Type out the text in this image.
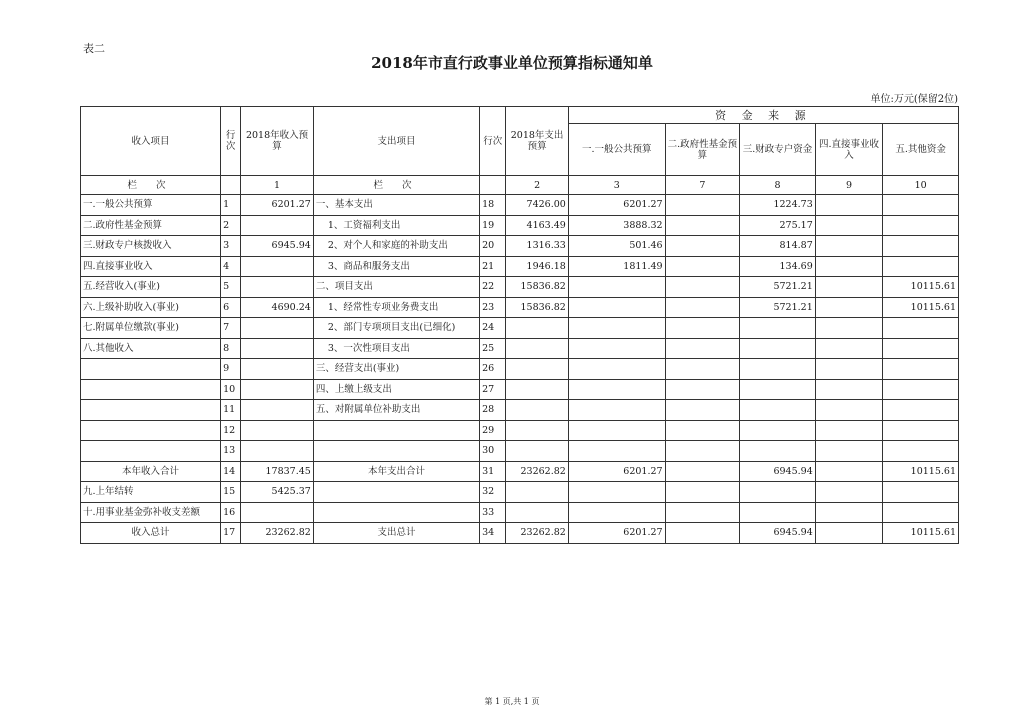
表二
2018年市直行政事业单位预算指标通知单
单位:万元(保留2位)
收入项目	行次	2018年收入预算	支出项目	行次	2018年支出预算	资 金 来 源				
						一.一般公共预算	二.政府性基金预算	三.财政专户资金	四.直接事业收入	五.其他资金
栏 次		1	栏 次		2	3	7	8	9	10
一.一般公共预算	1	6201.27	一、基本支出	18	7426.00	6201.27		1224.73		
二.政府性基金预算	2		1、工资福利支出	19	4163.49	3888.32		275.17		
三.财政专户核拨收入	3	6945.94	2、对个人和家庭的补助支出	20	1316.33	501.46		814.87		
四.直接事业收入	4		3、商品和服务支出	21	1946.18	1811.49		134.69		
五.经营收入(事业)	5		二、项目支出	22	15836.82			5721.21		10115.61
六.上级补助收入(事业)	6	4690.24	1、经常性专项业务费支出	23	15836.82			5721.21		10115.61
七.附属单位缴款(事业)	7		2、部门专项项目支出(已细化)	24						
八.其他收入	8		3、一次性项目支出	25						
	9		三、经营支出(事业)	26						
	10		四、上缴上级支出	27						
	11		五、对附属单位补助支出	28						
	12			29						
	13			30						
本年收入合计	14	17837.45	本年支出合计	31	23262.82	6201.27		6945.94		10115.61
九.上年结转	15	5425.37		32						
十.用事业基金弥补收支差额	16			33						
收入总计	17	23262.82	支出总计	34	23262.82	6201.27		6945.94		10115.61
第 1 页,共 1 页
